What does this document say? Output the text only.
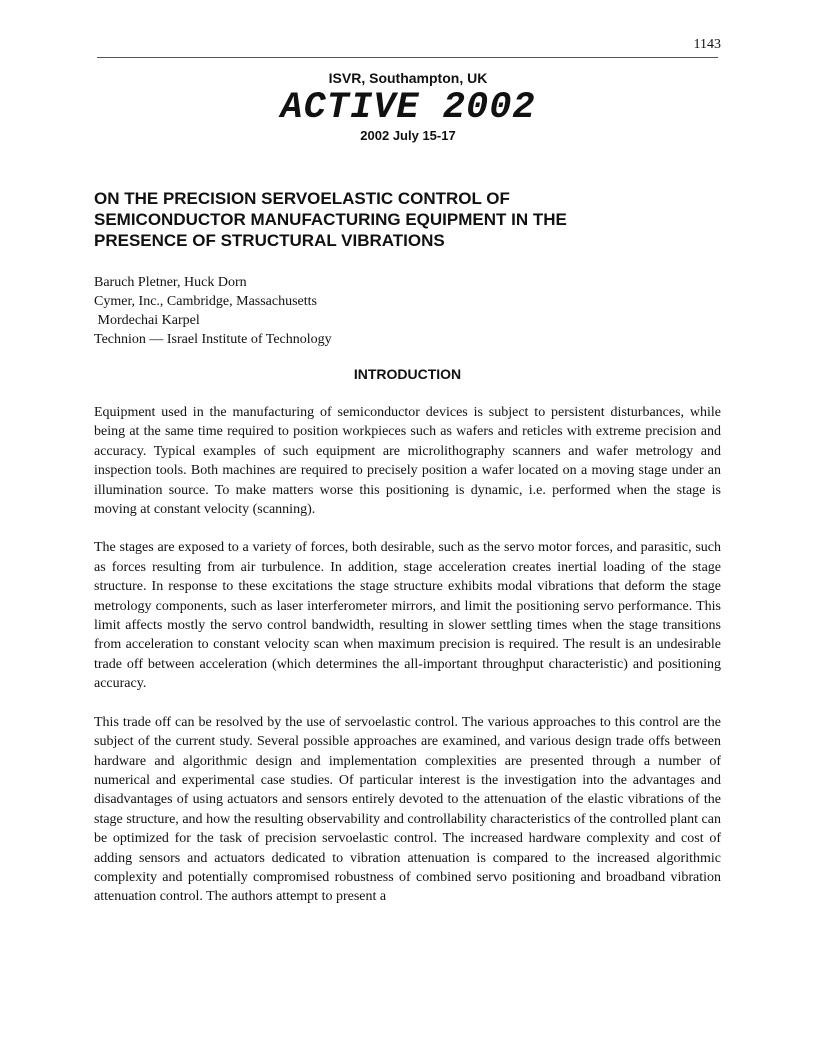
1143
ISVR, Southampton, UK
ACTIVE 2002
2002 July 15-17
ON THE PRECISION SERVOELASTIC CONTROL OF
SEMICONDUCTOR MANUFACTURING EQUIPMENT IN THE
PRESENCE OF STRUCTURAL VIBRATIONS
Baruch Pletner, Huck Dorn
Cymer, Inc., Cambridge, Massachusetts
Mordechai Karpel
Technion — Israel Institute of Technology
INTRODUCTION

Equipment used in the manufacturing of semiconductor devices is subject to persistent disturbances, while being at the same time required to position workpieces such as wafers and reticles with extreme precision and accuracy. Typical examples of such equipment are microlithography scanners and wafer metrology and inspection tools. Both machines are required to precisely position a wafer located on a moving stage under an illumination source. To make matters worse this positioning is dynamic, i.e. performed when the stage is moving at constant velocity (scanning).

The stages are exposed to a variety of forces, both desirable, such as the servo motor forces, and parasitic, such as forces resulting from air turbulence. In addition, stage acceleration creates inertial loading of the stage structure. In response to these excitations the stage structure exhibits modal vibrations that deform the stage metrology components, such as laser interferometer mirrors, and limit the positioning servo performance. This limit affects mostly the servo control bandwidth, resulting in slower settling times when the stage transitions from acceleration to constant velocity scan when maximum precision is required. The result is an undesirable trade off between acceleration (which determines the all-important throughput characteristic) and positioning accuracy.

This trade off can be resolved by the use of servoelastic control. The various approaches to this control are the subject of the current study. Several possible approaches are examined, and various design trade offs between hardware and algorithmic design and implementation complexities are presented through a number of numerical and experimental case studies. Of particular interest is the investigation into the advantages and disadvantages of using actuators and sensors entirely devoted to the attenuation of the elastic vibrations of the stage structure, and how the resulting observability and controllability characteristics of the controlled plant can be optimized for the task of precision servoelastic control. The increased hardware complexity and cost of adding sensors and actuators dedicated to vibration attenuation is compared to the increased algorithmic complexity and potentially compromised robustness of combined servo positioning and broadband vibration attenuation control. The authors attempt to present a
